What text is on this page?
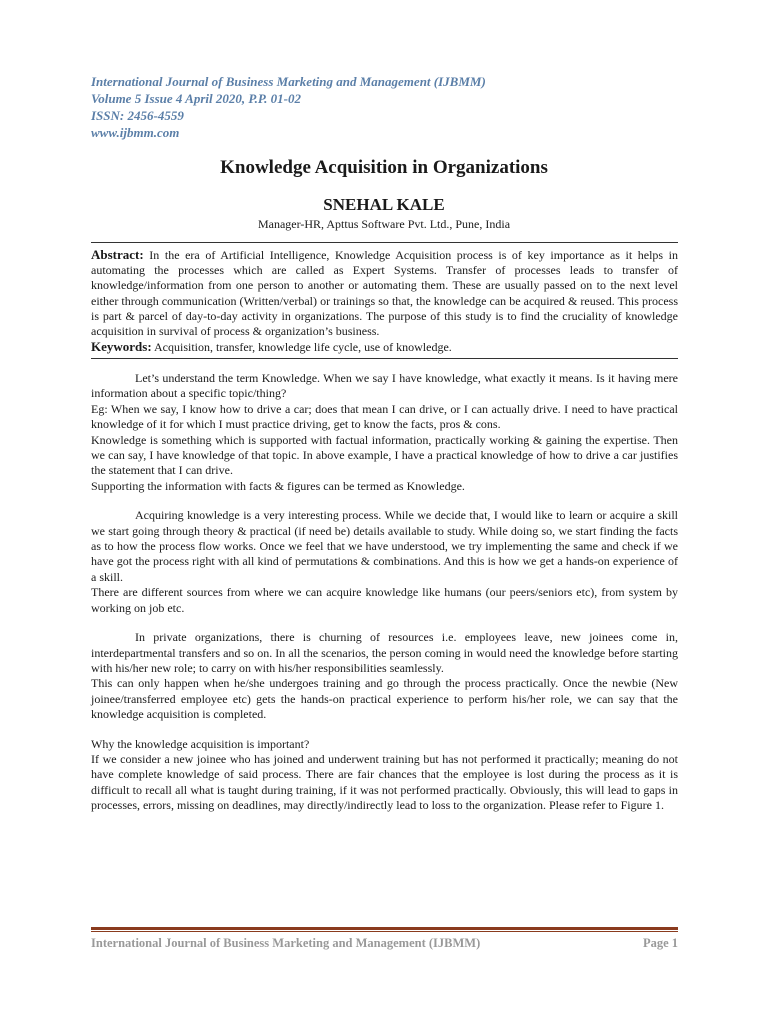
International Journal of Business Marketing and Management (IJBMM)
Volume 5 Issue 4 April 2020, P.P. 01-02
ISSN: 2456-4559
www.ijbmm.com
Knowledge Acquisition in Organizations
SNEHAL KALE
Manager-HR, Apttus Software Pvt. Ltd., Pune, India
Abstract: In the era of Artificial Intelligence, Knowledge Acquisition process is of key importance as it helps in automating the processes which are called as Expert Systems. Transfer of processes leads to transfer of knowledge/information from one person to another or automating them. These are usually passed on to the next level either through communication (Written/verbal) or trainings so that, the knowledge can be acquired & reused. This process is part & parcel of day-to-day activity in organizations. The purpose of this study is to find the cruciality of knowledge acquisition in survival of process & organization’s business.
Keywords: Acquisition, transfer, knowledge life cycle, use of knowledge.

Let’s understand the term Knowledge. When we say I have knowledge, what exactly it means. Is it having mere information about a specific topic/thing?

Eg: When we say, I know how to drive a car; does that mean I can drive, or I can actually drive. I need to have practical knowledge of it for which I must practice driving, get to know the facts, pros & cons.

Knowledge is something which is supported with factual information, practically working & gaining the expertise. Then we can say, I have knowledge of that topic. In above example, I have a practical knowledge of how to drive a car justifies the statement that I can drive.

Supporting the information with facts & figures can be termed as Knowledge.

Acquiring knowledge is a very interesting process. While we decide that, I would like to learn or acquire a skill we start going through theory & practical (if need be) details available to study. While doing so, we start finding the facts as to how the process flow works. Once we feel that we have understood, we try implementing the same and check if we have got the process right with all kind of permutations & combinations. And this is how we get a hands-on experience of a skill.

There are different sources from where we can acquire knowledge like humans (our peers/seniors etc), from system by working on job etc.

In private organizations, there is churning of resources i.e. employees leave, new joinees come in, interdepartmental transfers and so on. In all the scenarios, the person coming in would need the knowledge before starting with his/her new role; to carry on with his/her responsibilities seamlessly.

This can only happen when he/she undergoes training and go through the process practically. Once the newbie (New joinee/transferred employee etc) gets the hands-on practical experience to perform his/her role, we can say that the knowledge acquisition is completed.

Why the knowledge acquisition is important?

If we consider a new joinee who has joined and underwent training but has not performed it practically; meaning do not have complete knowledge of said process. There are fair chances that the employee is lost during the process as it is difficult to recall all what is taught during training, if it was not performed practically. Obviously, this will lead to gaps in processes, errors, missing on deadlines, may directly/indirectly lead to loss to the organization. Please refer to Figure 1.

International Journal of Business Marketing and Management (IJBMM)	Page 1
